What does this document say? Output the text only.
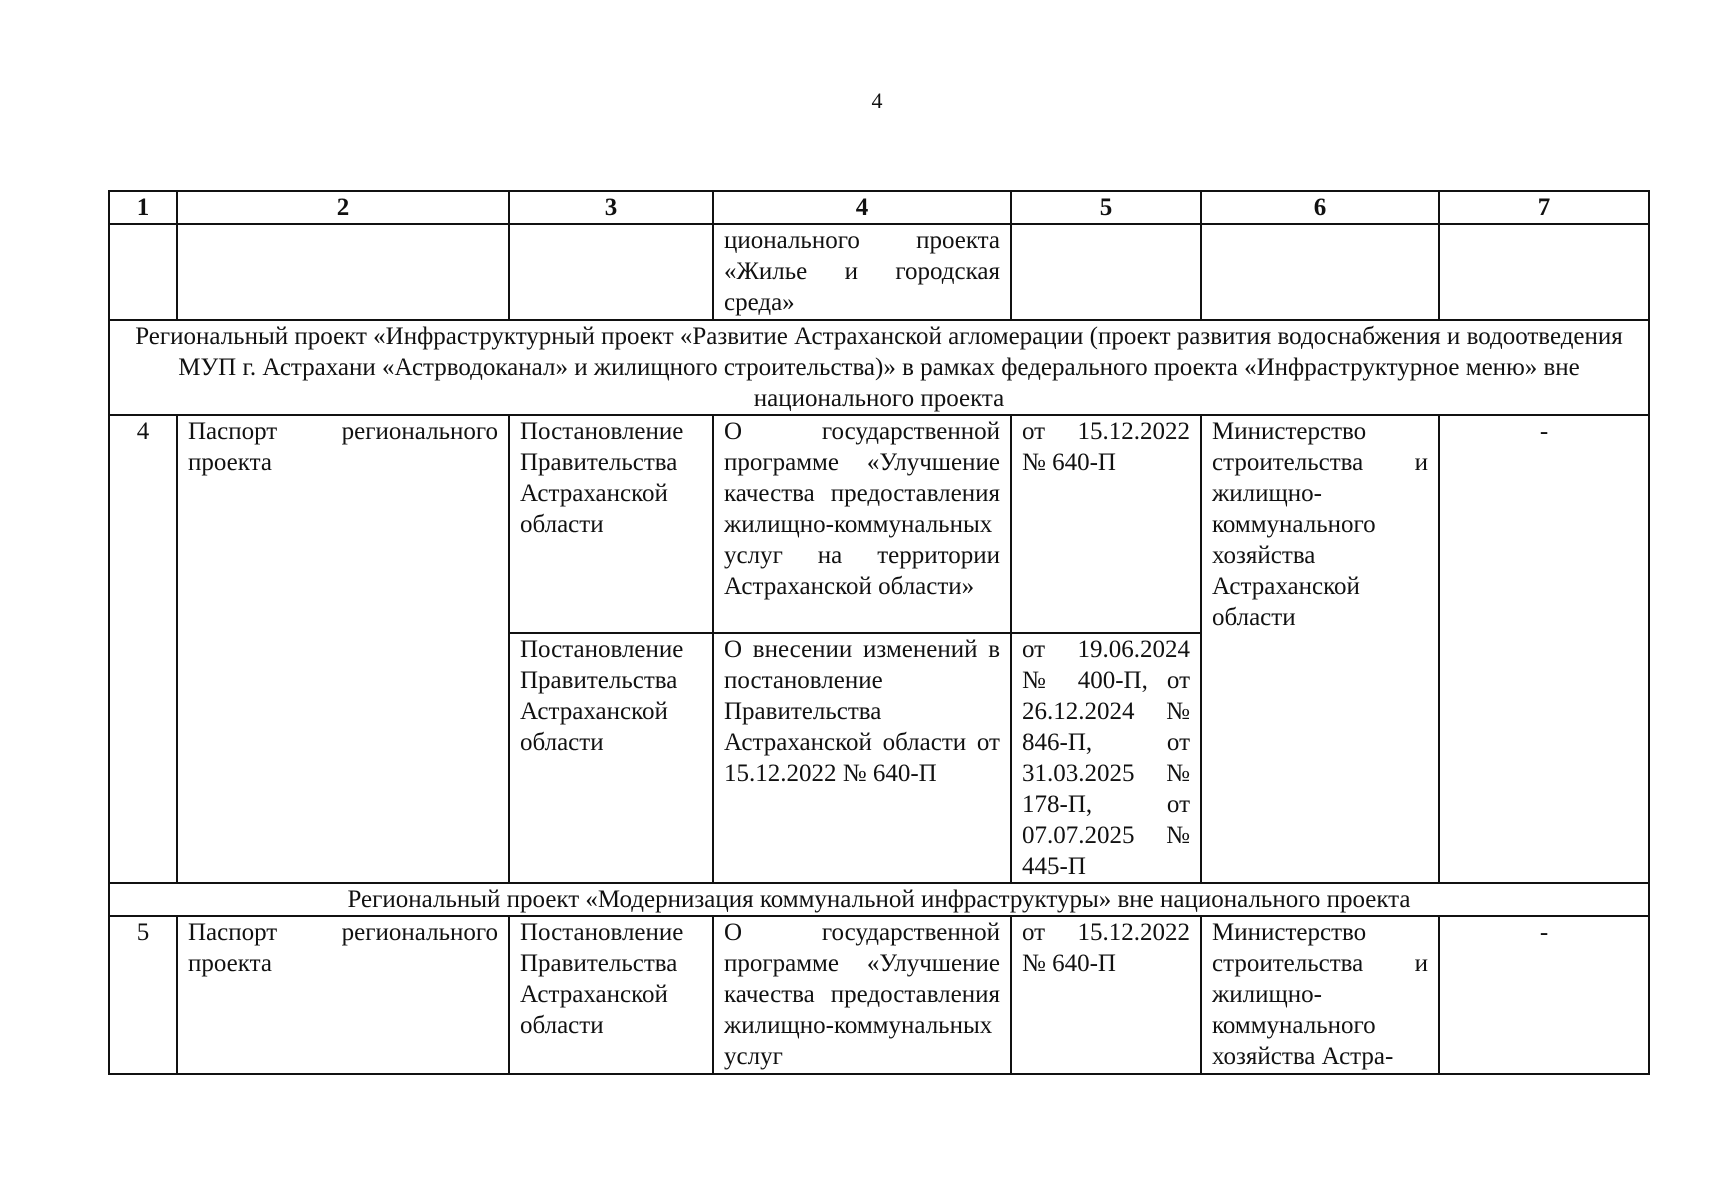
4
1	2	3	4	5	6	7
			ционального проекта «Жилье и городская среда»			
Региональный проект «Инфраструктурный проект «Развитие Астраханской агломерации (проект развития водоснабжения и водоотведения МУП г. Астрахани «Астрводоканал» и жилищного строительства)» в рамках федерального проекта «Инфраструктурное меню» вне национального проекта						
4	Паспорт регионального проекта	Постановление Правительства Астраханской области	О государственной программе «Улучшение качества предоставления жилищно-коммунальных услуг на территории Астраханской области»	от 15.12.2022 № 640-П	Министерство строительства и жилищно-коммунального хозяйства Астраханской области	-
		Постановление Правительства Астраханской области	О внесении изменений в постановление Правительства Астраханской области от 15.12.2022 № 640-П	от 19.06.2024 № 400-П, от 26.12.2024 № 846-П, от 31.03.2025 № 178-П, от 07.07.2025 № 445-П		
Региональный проект «Модернизация коммунальной инфраструктуры» вне национального проекта						
5	Паспорт регионального проекта	Постановление Правительства Астраханской области	О государственной программе «Улучшение качества предоставления жилищно-коммунальных услуг	от 15.12.2022 № 640-П	Министерство строительства и жилищно-коммунального хозяйства Астра-	-
